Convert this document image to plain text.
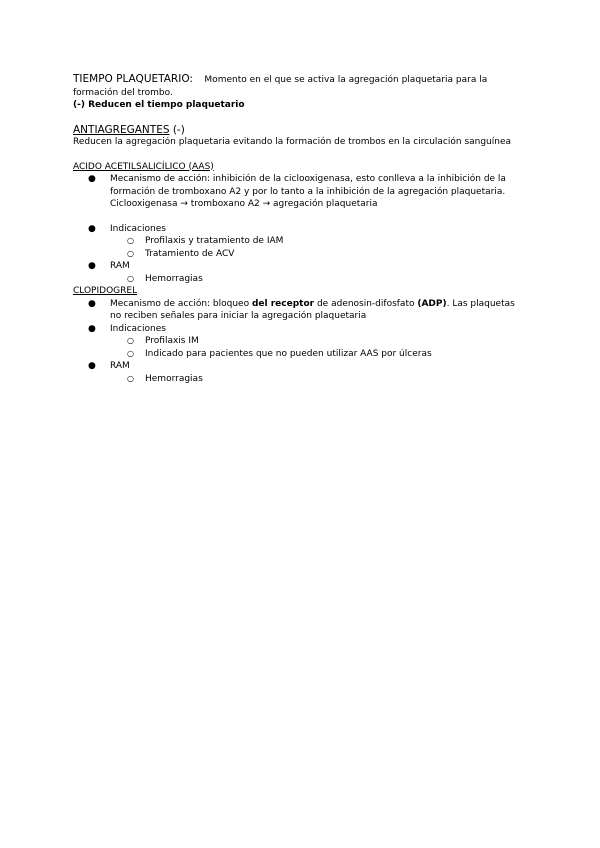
TIEMPO PLAQUETARIO: Momento en el que se activa la agregación plaquetaria para la formación del trombo.

(-) Reducen el tiempo plaquetario

ANTIAGREGANTES (-)

Reducen la agregación plaquetaria evitando la formación de trombos en la circulación sanguínea

ACIDO ACETILSALICÍLICO (AAS)

● Mecanismo de acción: inhibición de la ciclooxigenasa, esto conlleva a la inhibición de la formación de tromboxano A2 y por lo tanto a la inhibición de la agregación plaquetaria.
Ciclooxigenasa → tromboxano A2 → agregación plaquetaria
● Indicaciones
○ Profilaxis y tratamiento de IAM
○ Tratamiento de ACV
● RAM
○ Hemorragias

CLOPIDOGREL

● Mecanismo de acción: bloqueo del receptor de adenosin-difosfato (ADP). Las plaquetas no reciben señales para iniciar la agregación plaquetaria
● Indicaciones
○ Profilaxis IM
○ Indicado para pacientes que no pueden utilizar AAS por úlceras
● RAM
○ Hemorragias
